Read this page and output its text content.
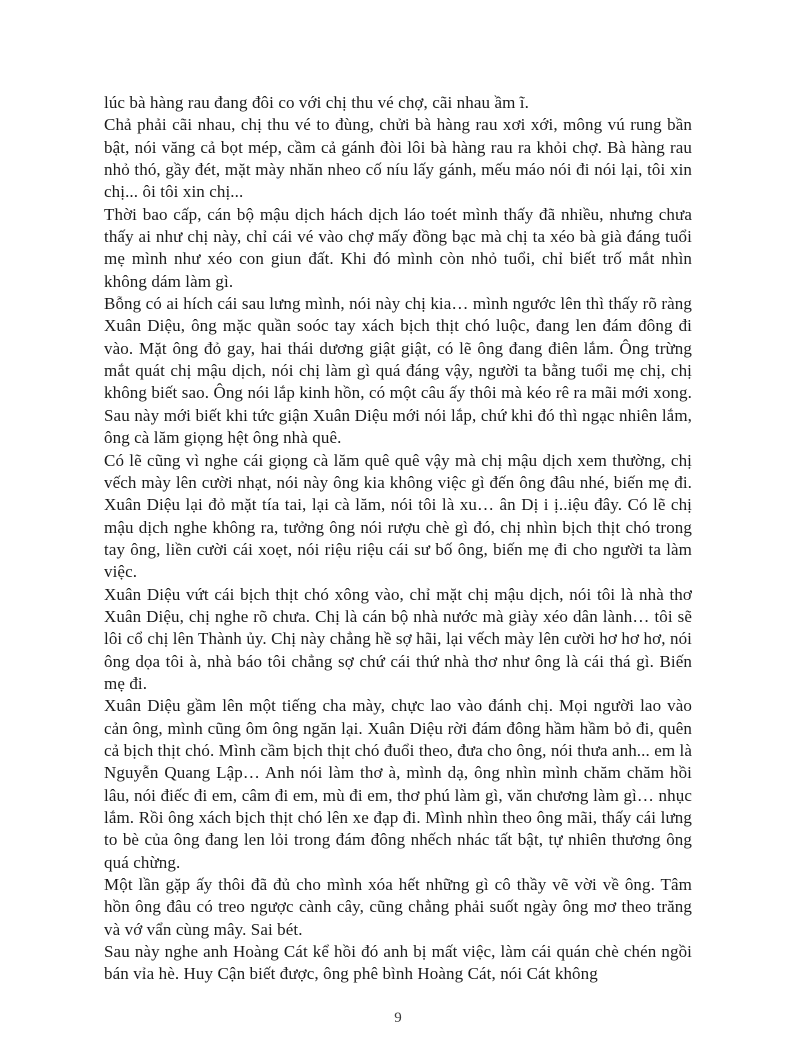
lúc bà hàng rau đang đôi co với chị thu vé chợ, cãi nhau ầm ĩ.

Chả phải cãi nhau, chị thu vé to đùng, chửi bà hàng rau xơi xới, mông vú rung bần bật, nói văng cả bọt mép, cầm cả gánh đòi lôi bà hàng rau ra khỏi chợ. Bà hàng rau nhỏ thó, gầy đét, mặt mày nhăn nheo cố níu lấy gánh, mếu máo nói đi nói lại, tôi xin chị... ôi tôi xin chị...

Thời bao cấp, cán bộ mậu dịch hách dịch láo toét mình thấy đã nhiều, nhưng chưa thấy ai như chị này, chỉ cái vé vào chợ mấy đồng bạc mà chị ta xéo bà già đáng tuổi mẹ mình như xéo con giun đất. Khi đó mình còn nhỏ tuổi, chỉ biết trố mắt nhìn không dám làm gì.

Bỗng có ai hích cái sau lưng mình, nói này chị kia… mình ngước lên thì thấy rõ ràng Xuân Diệu, ông mặc quần soóc tay xách bịch thịt chó luộc, đang len đám đông đi vào. Mặt ông đỏ gay, hai thái dương giật giật, có lẽ ông đang điên lắm. Ông trừng mắt quát chị mậu dịch, nói chị làm gì quá đáng vậy, người ta bằng tuổi mẹ chị, chị không biết sao. Ông nói lắp kinh hồn, có một câu ấy thôi mà kéo rê ra mãi mới xong. Sau này mới biết khi tức giận Xuân Diệu mới nói lắp, chứ khi đó thì ngạc nhiên lắm, ông cà lăm giọng hệt ông nhà quê.

Có lẽ cũng vì nghe cái giọng cà lăm quê quê vậy mà chị mậu dịch xem thường, chị vếch mày lên cười nhạt, nói này ông kia không việc gì đến ông đâu nhé, biến mẹ đi. Xuân Diệu lại đỏ mặt tía tai, lại cà lăm, nói tôi là xu… ân Dị i ị..iệu đây. Có lẽ chị mậu dịch nghe không ra, tưởng ông nói rượu chè gì đó, chị nhìn bịch thịt chó trong tay ông, liền cười cái xoẹt, nói riệu riệu cái sư bố ông, biến mẹ đi cho người ta làm việc.

Xuân Diệu vứt cái bịch thịt chó xông vào, chỉ mặt chị mậu dịch, nói tôi là nhà thơ Xuân Diệu, chị nghe rõ chưa. Chị là cán bộ nhà nước mà giày xéo dân lành… tôi sẽ lôi cổ chị lên Thành ủy. Chị này chẳng hề sợ hãi, lại vếch mày lên cười hơ hơ hơ, nói ông dọa tôi à, nhà báo tôi chẳng sợ chứ cái thứ nhà thơ như ông là cái thá gì. Biến mẹ đi.

Xuân Diệu gầm lên một tiếng cha mày, chực lao vào đánh chị. Mọi người lao vào cản ông, mình cũng ôm ông ngăn lại. Xuân Diệu rời đám đông hầm hầm bỏ đi, quên cả bịch thịt chó. Mình cầm bịch thịt chó đuổi theo, đưa cho ông, nói thưa anh... em là Nguyễn Quang Lập… Anh nói làm thơ à, mình dạ, ông nhìn mình chăm chăm hồi lâu, nói điếc đi em, câm đi em, mù đi em, thơ phú làm gì, văn chương làm gì… nhục lắm. Rồi ông xách bịch thịt chó lên xe đạp đi. Mình nhìn theo ông mãi, thấy cái lưng to bè của ông đang len lỏi trong đám đông nhếch nhác tất bật, tự nhiên thương ông quá chừng.

Một lần gặp ấy thôi đã đủ cho mình xóa hết những gì cô thầy vẽ vời về ông. Tâm hồn ông đâu có treo ngược cành cây, cũng chẳng phải suốt ngày ông mơ theo trăng và vớ vẩn cùng mây. Sai bét.

Sau này nghe anh Hoàng Cát kể hồi đó anh bị mất việc, làm cái quán chè chén ngồi bán vỉa hè. Huy Cận biết được, ông phê bình Hoàng Cát, nói Cát không

9
